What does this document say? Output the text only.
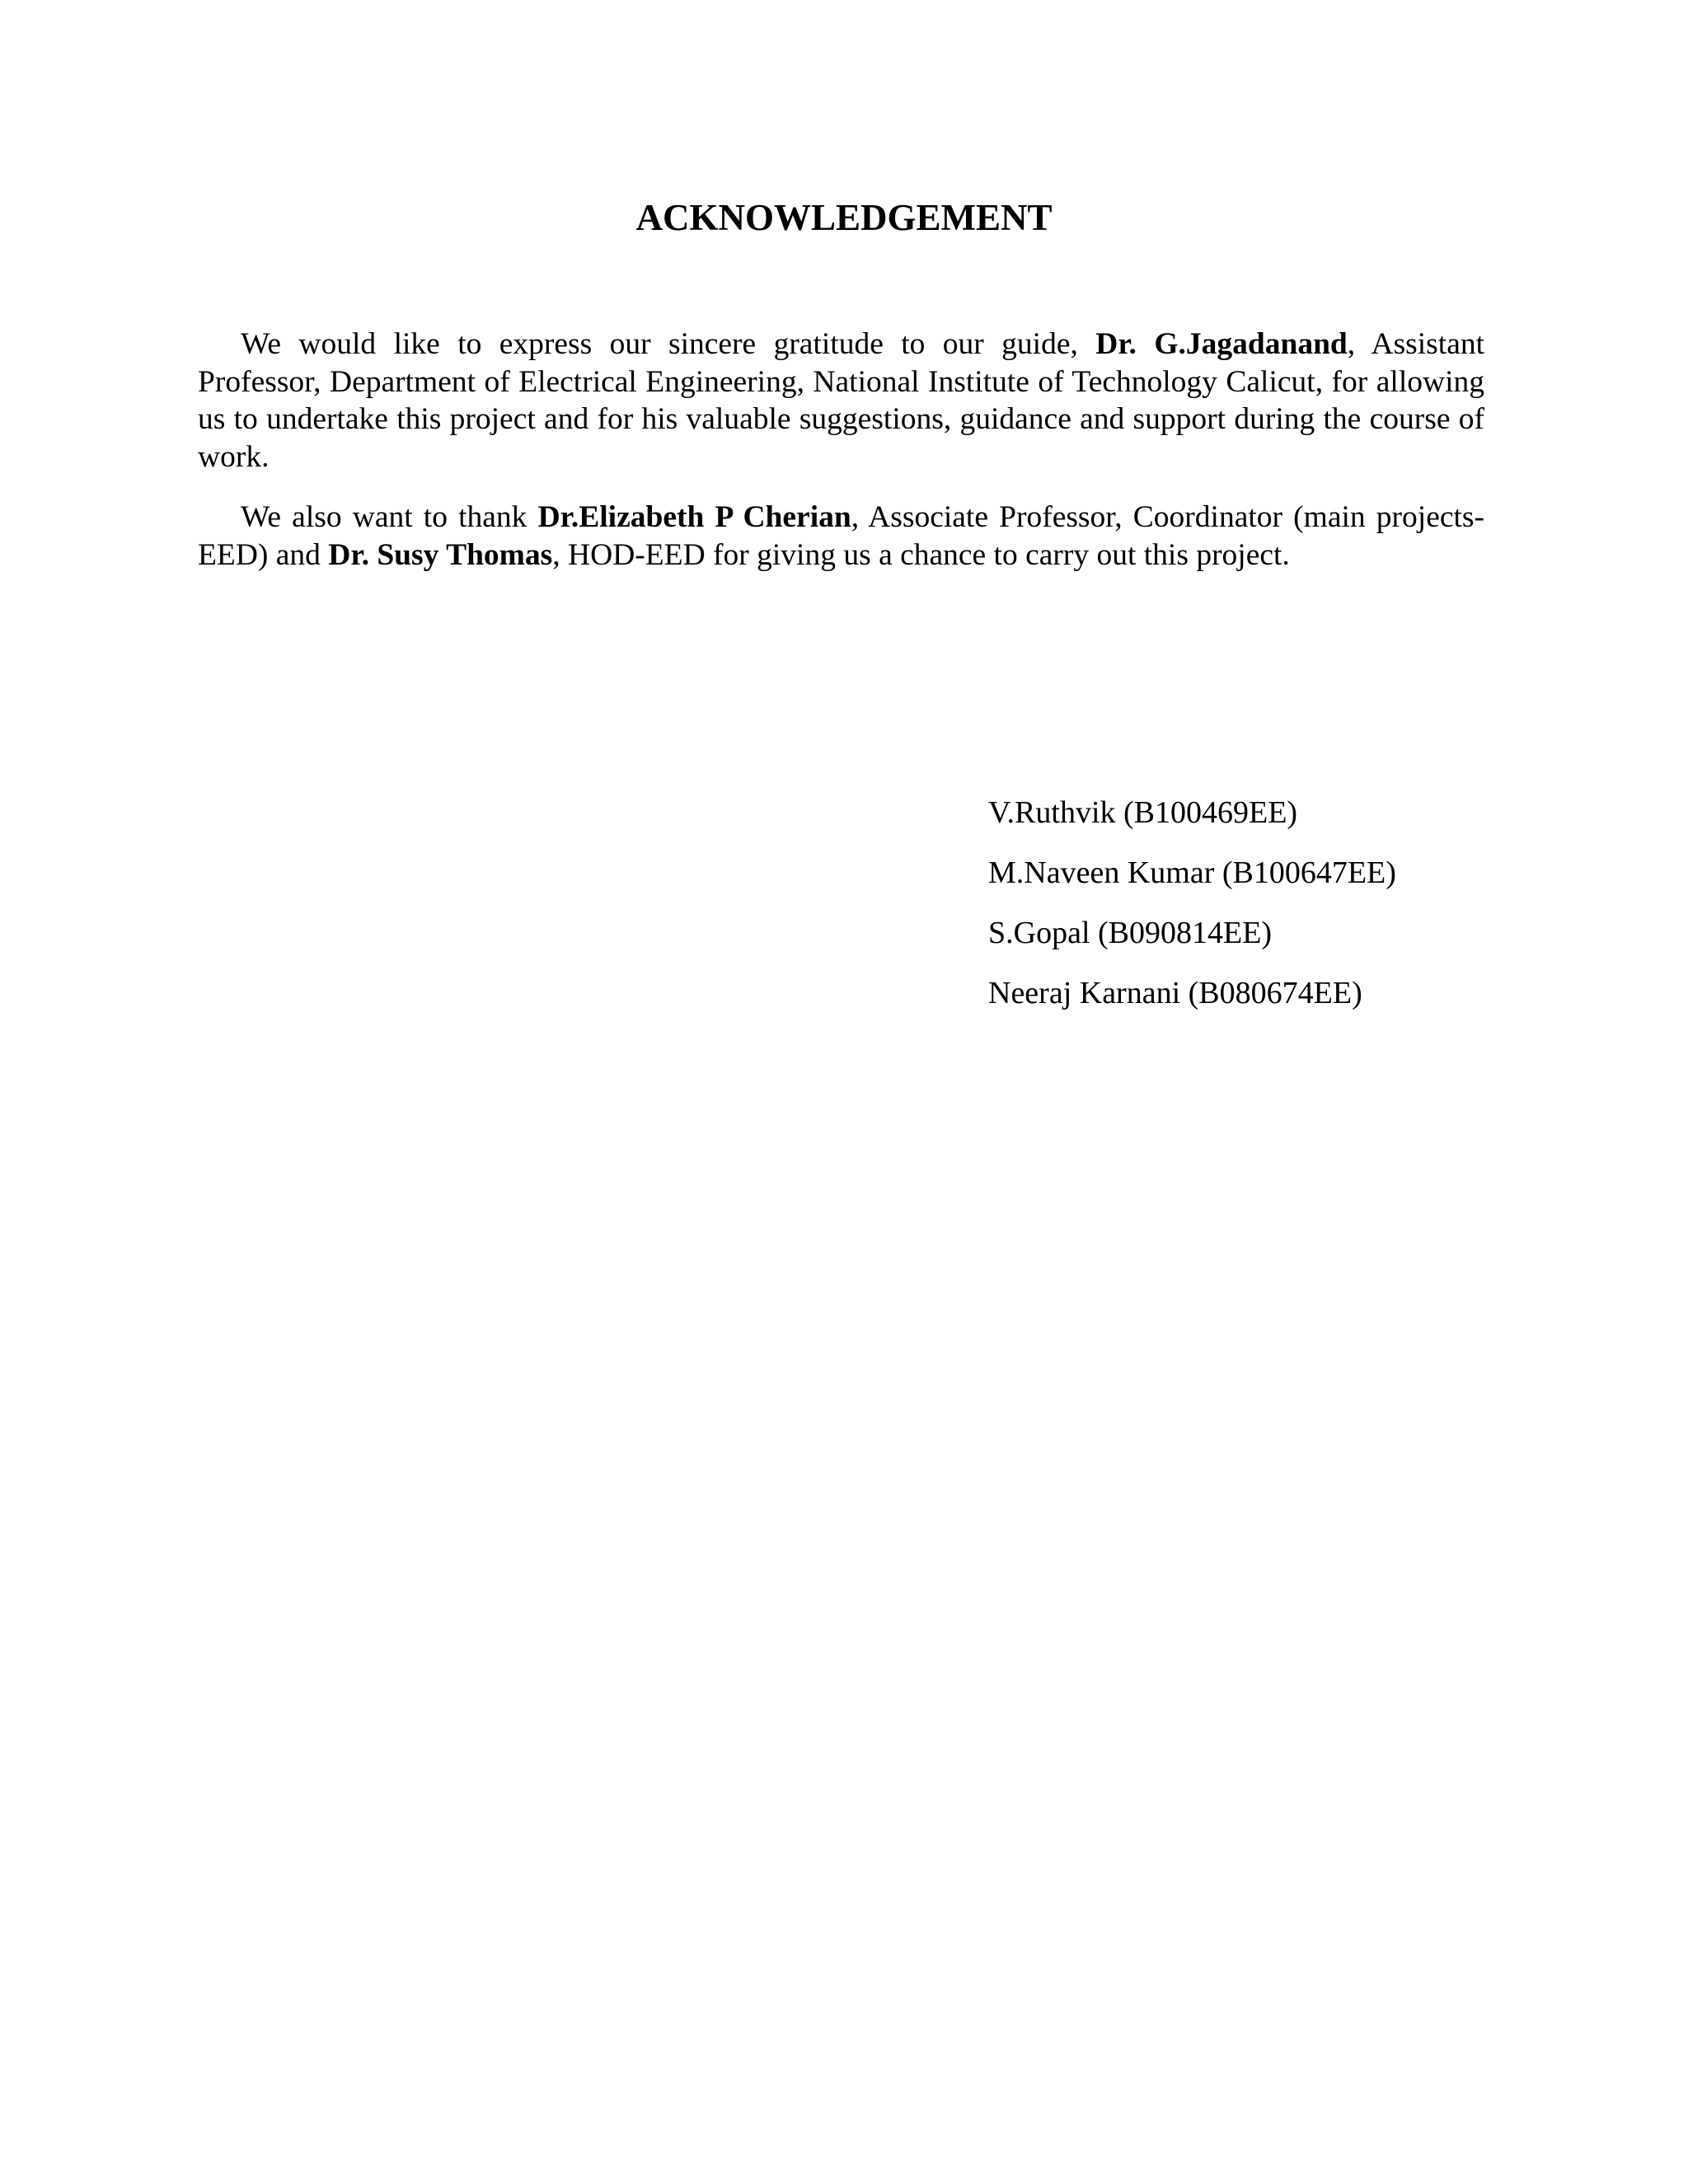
ACKNOWLEDGEMENT

We would like to express our sincere gratitude to our guide, Dr. G.Jagadanand, Assistant Professor, Department of Electrical Engineering, National Institute of Technology Calicut, for allowing us to undertake this project and for his valuable suggestions, guidance and support during the course of work.

We also want to thank Dr.Elizabeth P Cherian, Associate Professor, Coordinator (main projects- EED) and Dr. Susy Thomas, HOD-EED for giving us a chance to carry out this project.

V.Ruthvik (B100469EE)
M.Naveen Kumar (B100647EE)
S.Gopal (B090814EE)
Neeraj Karnani (B080674EE)
